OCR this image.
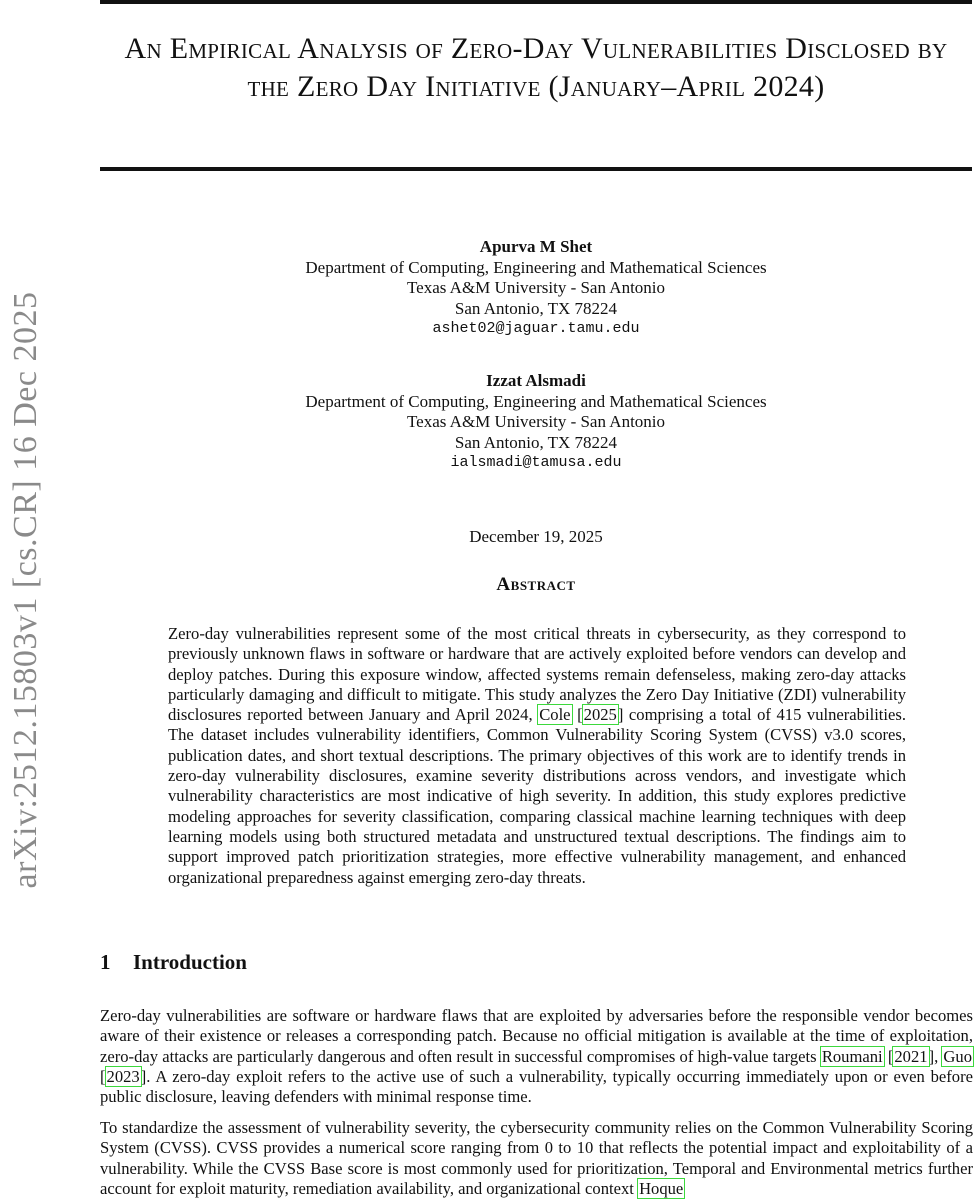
arXiv:2512.15803v1 [cs.CR] 16 Dec 2025
An Empirical Analysis of Zero-Day Vulnerabilities Disclosed by the Zero Day Initiative (January–April 2024)
Apurva M Shet
Department of Computing, Engineering and Mathematical Sciences
Texas A&M University - San Antonio
San Antonio, TX 78224
ashet02@jaguar.tamu.edu
Izzat Alsmadi
Department of Computing, Engineering and Mathematical Sciences
Texas A&M University - San Antonio
San Antonio, TX 78224
ialsmadi@tamusa.edu
December 19, 2025
Abstract

Zero-day vulnerabilities represent some of the most critical threats in cybersecurity, as they correspond to previously unknown flaws in software or hardware that are actively exploited before vendors can develop and deploy patches. During this exposure window, affected systems remain defenseless, making zero-day attacks particularly damaging and difficult to mitigate. This study analyzes the Zero Day Initiative (ZDI) vulnerability disclosures reported between January and April 2024, Cole [2025] comprising a total of 415 vulnerabilities. The dataset includes vulnerability identifiers, Common Vulnerability Scoring System (CVSS) v3.0 scores, publication dates, and short textual descriptions. The primary objectives of this work are to identify trends in zero-day vulnerability disclosures, examine severity distributions across vendors, and investigate which vulnerability characteristics are most indicative of high severity. In addition, this study explores predictive modeling approaches for severity classification, comparing classical machine learning techniques with deep learning models using both structured metadata and unstructured textual descriptions. The findings aim to support improved patch prioritization strategies, more effective vulnerability management, and enhanced organizational preparedness against emerging zero-day threats.

1 Introduction

Zero-day vulnerabilities are software or hardware flaws that are exploited by adversaries before the responsible vendor becomes aware of their existence or releases a corresponding patch. Because no official mitigation is available at the time of exploitation, zero-day attacks are particularly dangerous and often result in successful compromises of high-value targets Roumani [2021], Guo [2023]. A zero-day exploit refers to the active use of such a vulnerability, typically occurring immediately upon or even before public disclosure, leaving defenders with minimal response time.

To standardize the assessment of vulnerability severity, the cybersecurity community relies on the Common Vulnerability Scoring System (CVSS). CVSS provides a numerical score ranging from 0 to 10 that reflects the potential impact and exploitability of a vulnerability. While the CVSS Base score is most commonly used for prioritization, Temporal and Environmental metrics further account for exploit maturity, remediation availability, and organizational context Hoque
